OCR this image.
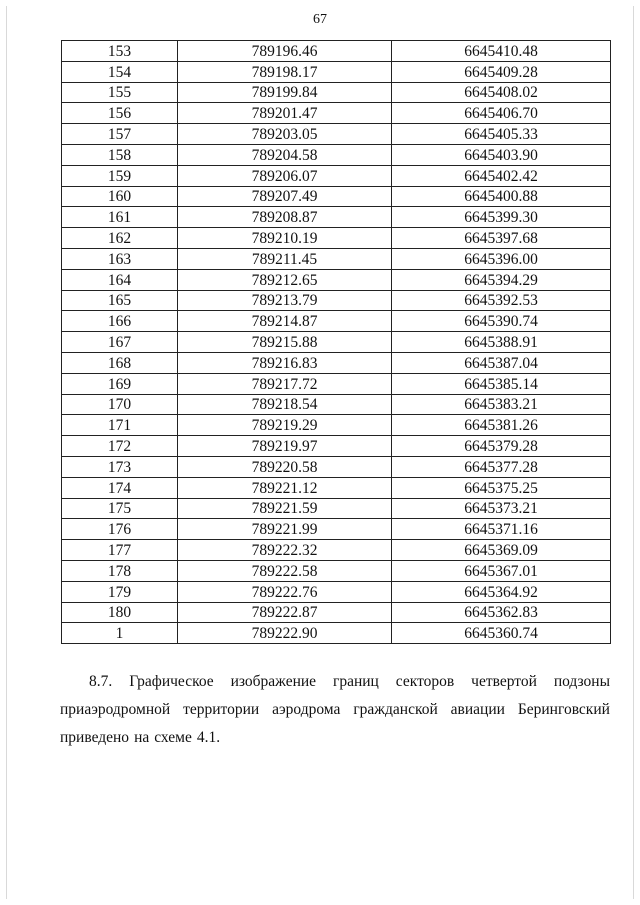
67
153	789196.46	6645410.48
154	789198.17	6645409.28
155	789199.84	6645408.02
156	789201.47	6645406.70
157	789203.05	6645405.33
158	789204.58	6645403.90
159	789206.07	6645402.42
160	789207.49	6645400.88
161	789208.87	6645399.30
162	789210.19	6645397.68
163	789211.45	6645396.00
164	789212.65	6645394.29
165	789213.79	6645392.53
166	789214.87	6645390.74
167	789215.88	6645388.91
168	789216.83	6645387.04
169	789217.72	6645385.14
170	789218.54	6645383.21
171	789219.29	6645381.26
172	789219.97	6645379.28
173	789220.58	6645377.28
174	789221.12	6645375.25
175	789221.59	6645373.21
176	789221.99	6645371.16
177	789222.32	6645369.09
178	789222.58	6645367.01
179	789222.76	6645364.92
180	789222.87	6645362.83
1	789222.90	6645360.74
8.7. Графическое изображение границ секторов четвертой подзоны
приаэродромной территории аэродрома гражданской авиации Беринговский
приведено на схеме 4.1.
